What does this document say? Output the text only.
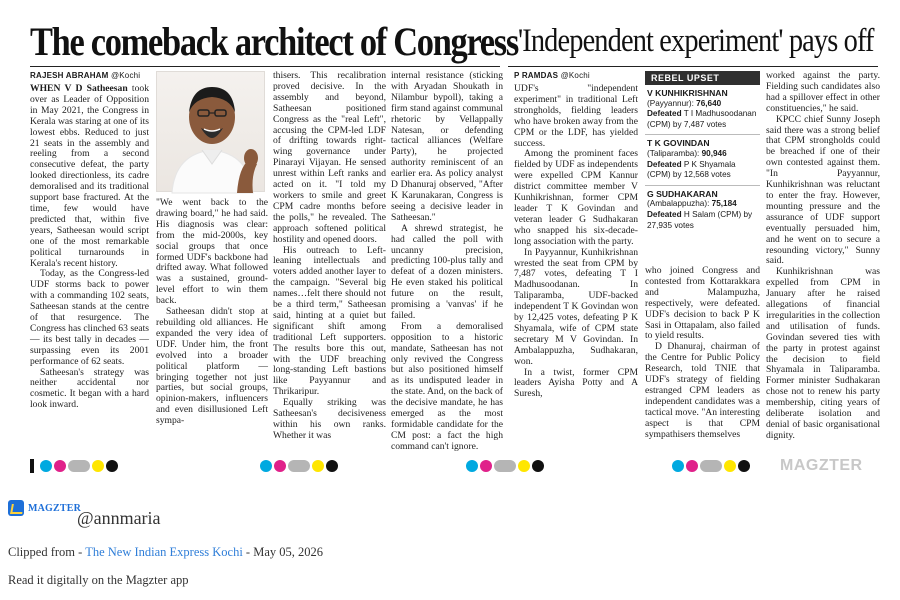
The comeback architect of Congress 'Independent experiment' pays off
RAJESH ABRAHAM @Kochi	P RAMDAS @Kochi

WHEN V D Satheesan took over as Leader of Opposition in May 2021, the Congress in Kerala was staring at one of its lowest ebbs. Reduced to just 21 seats in the assembly and reeling from a second consecutive defeat, the party looked directionless, its cadre demoralised and its traditional support base fractured. At the time, few would have predicted that, within five years, Satheesan would script one of the most remarkable political turnarounds in Kerala's recent history.

Today, as the Congress-led UDF storms back to power with a commanding 102 seats, Satheesan stands at the centre of that resurgence. The Congress has clinched 63 seats — its best tally in decades — surpassing even its 2001 performance of 62 seats.

Satheesan's strategy was neither accidental nor cosmetic. It began with a hard look inward.

"We went back to the drawing board," he had said. His diagnosis was clear: from the mid-2000s, key social groups that once formed UDF's backbone had drifted away. What followed was a sustained, ground-level effort to win them back.

Satheesan didn't stop at rebuilding old alliances. He expanded the very idea of UDF. Under him, the front evolved into a broader political platform — bringing together not just parties, but social groups, opinion-makers, influencers and even disillusioned Left sympa-

thisers. This recalibration proved decisive. In the assembly and beyond, Satheesan positioned Congress as the "real Left", accusing the CPM-led LDF of drifting towards right-wing governance under Pinarayi Vijayan. He sensed unrest within Left ranks and acted on it. "I told my workers to smile and greet CPM cadre months before the polls," he revealed. The approach softened political hostility and opened doors.

His outreach to Left-leaning intellectuals and voters added another layer to the campaign. "Several big names…felt there should not be a third term," Satheesan said, hinting at a quiet but significant shift among traditional Left supporters. The results bore this out, with the UDF breaching long-standing Left bastions like Payyannur and Thrikaripur.

Equally striking was Satheesan's decisiveness within his own ranks. Whether it was

internal resistance (sticking with Aryadan Shoukath in Nilambur bypoll), taking a firm stand against communal rhetoric by Vellappally Natesan, or defending tactical alliances (Welfare Party), he projected authority reminiscent of an earlier era. As policy analyst D Dhanuraj observed, "After K Karunakaran, Congress is seeing a decisive leader in Satheesan."

A shrewd strategist, he had called the poll with uncanny precision, predicting 100-plus tally and defeat of a dozen ministers. He even staked his political future on the result, promising a 'vanvas' if he failed.

From a demoralised opposition to a historic mandate, Satheesan has not only revived the Congress but also positioned himself as its undisputed leader in the state. And, on the back of the decisive mandate, he has emerged as the most formidable candidate for the CM post: a fact the high command can't ignore.

UDF's "independent experiment" in traditional Left strongholds, fielding leaders who have broken away from the CPM or the LDF, has yielded success.

Among the prominent faces fielded by UDF as independents were expelled CPM Kannur district committee member V Kunhikrishnan, former CPM leader T K Govindan and veteran leader G Sudhakaran who snapped his six-decade-long association with the party.

In Payyannur, Kunhikrishnan wrested the seat from CPM by 7,487 votes, defeating T I Madhusoodanan. In Taliparamba, UDF-backed independent T K Govindan won by 12,425 votes, defeating P K Shyamala, wife of CPM state secretary M V Govindan. In Ambalappuzha, Sudhakaran, won.

In a twist, former CPM leaders Ayisha Potty and A Suresh,

REBEL UPSET
V KUNHIKRISHNAN
(Payyannur): 76,640
Defeated T I Madhusoodanan (CPM) by 7,487 votes
T K GOVINDAN
(Taliparamba): 90,946
Defeated P K Shyamala (CPM) by 12,568 votes
G SUDHAKARAN
(Ambalappuzha): 75,184
Defeated H Salam (CPM) by 27,935 votes

who joined Congress and contested from Kottarakkara and Malampuzha, respectively, were defeated. UDF's decision to back P K Sasi in Ottapalam, also failed to yield results.

D Dhanuraj, chairman of the Centre for Public Policy Research, told TNIE that UDF's strategy of fielding estranged CPM leaders as independent candidates was a tactical move. "An interesting aspect is that CPM sympathisers themselves

worked against the party. Fielding such candidates also had a spillover effect in other constituencies," he said.

KPCC chief Sunny Joseph said there was a strong belief that CPM strongholds could be breached if one of their own contested against them. "In Payyannur, Kunhikrishnan was reluctant to enter the fray. However, mounting pressure and the assurance of UDF support eventually persuaded him, and he went on to secure a resounding victory," Sunny said.

Kunhikrishnan was expelled from CPM in January after he raised allegations of financial irregularities in the collection and utilisation of funds. Govindan severed ties with the party in protest against the decision to field Shyamala in Taliparamba. Former minister Sudhakaran chose not to renew his party membership, citing years of deliberate isolation and denial of basic organisational dignity.

MAGZTER
MAGZTER
@annmaria
Clipped from - The New Indian Express Kochi - May 05, 2026
Read it digitally on the Magzter app
